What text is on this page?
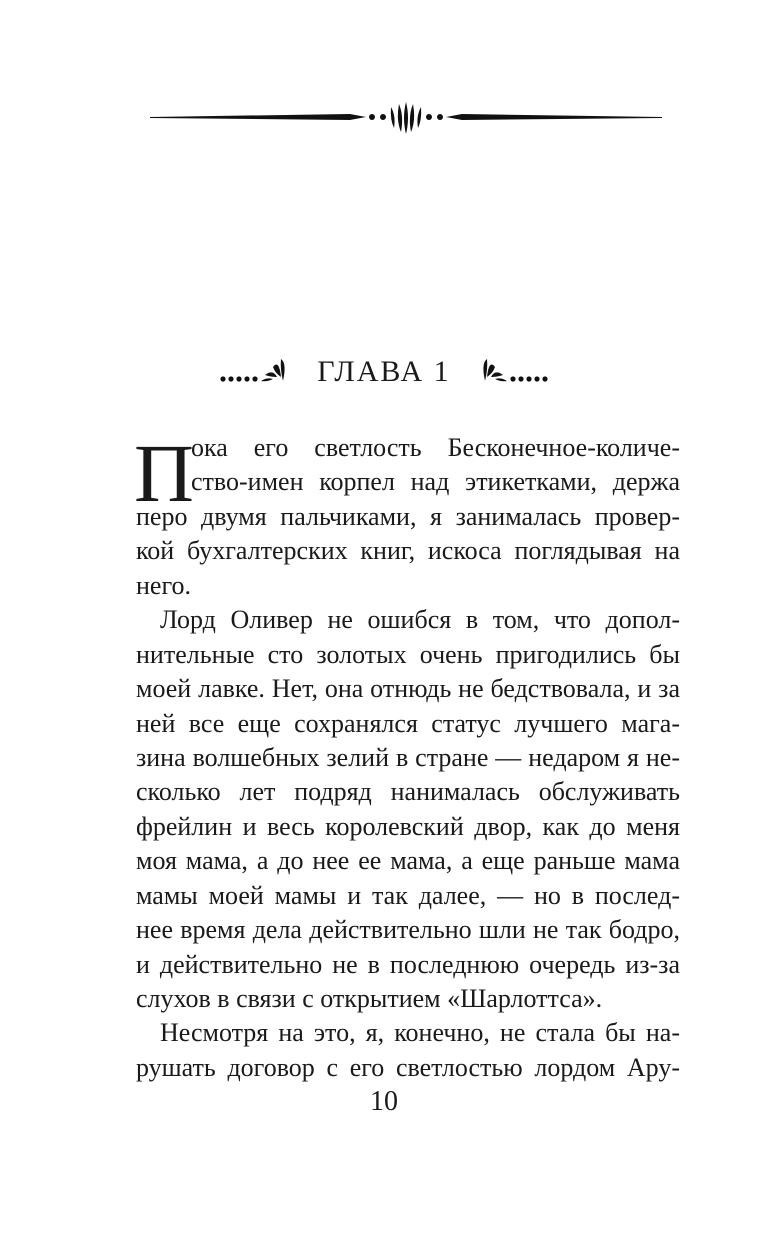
ГЛАВА 1
П
ока его светлость Бесконечное-количе-
ство-имен корпел над этикетками, держа
перо двумя пальчиками, я занималась провер-
кой бухгалтерских книг, искоса поглядывая на
него.
Лорд Оливер не ошибся в том, что допол-
нительные сто золотых очень пригодились бы
моей лавке. Нет, она отнюдь не бедствовала, и за
ней все еще сохранялся статус лучшего мага-
зина волшебных зелий в стране — недаром я не-
сколько лет подряд нанималась обслуживать
фрейлин и весь королевский двор, как до меня
моя мама, а до нее ее мама, а еще раньше мама
мамы моей мамы и так далее, — но в послед-
нее время дела действительно шли не так бодро,
и действительно не в последнюю очередь из-за
слухов в связи с открытием «Шарлоттса».
Несмотря на это, я, конечно, не стала бы на-
рушать договор с его светлостью лордом Ару-
10
